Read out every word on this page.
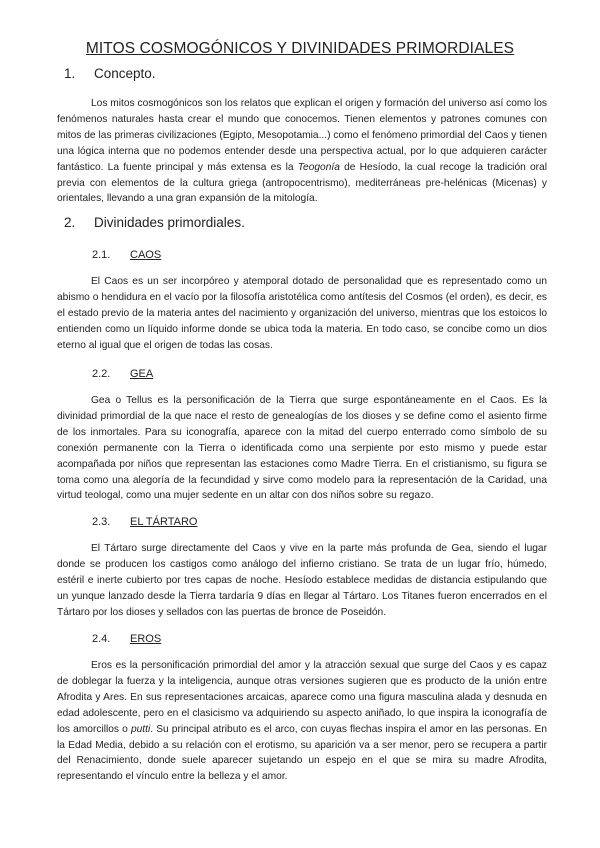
MITOS COSMOGÓNICOS Y DIVINIDADES PRIMORDIALES
1. Concepto.

Los mitos cosmogónicos son los relatos que explican el origen y formación del universo así como los fenómenos naturales hasta crear el mundo que conocemos. Tienen elementos y patrones comunes con mitos de las primeras civilizaciones (Egipto, Mesopotamia...) como el fenómeno primordial del Caos y tienen una lógica interna que no podemos entender desde una perspectiva actual, por lo que adquieren carácter fantástico. La fuente principal y más extensa es la Teogonía de Hesíodo, la cual recoge la tradición oral previa con elementos de la cultura griega (antropocentrismo), mediterráneas pre-helénicas (Micenas) y orientales, llevando a una gran expansión de la mitología.

2. Divinidades primordiales.
2.1. CAOS

El Caos es un ser incorpóreo y atemporal dotado de personalidad que es representado como un abismo o hendidura en el vacío por la filosofía aristotélica como antítesis del Cosmos (el orden), es decir, es el estado previo de la materia antes del nacimiento y organización del universo, mientras que los estoicos lo entienden como un líquido informe donde se ubica toda la materia. En todo caso, se concibe como un dios eterno al igual que el origen de todas las cosas.

2.2. GEA

Gea o Tellus es la personificación de la Tierra que surge espontáneamente en el Caos. Es la divinidad primordial de la que nace el resto de genealogías de los dioses y se define como el asiento firme de los inmortales. Para su iconografía, aparece con la mitad del cuerpo enterrado como símbolo de su conexión permanente con la Tierra o identificada como una serpiente por esto mismo y puede estar acompañada por niños que representan las estaciones como Madre Tierra. En el cristianismo, su figura se toma como una alegoría de la fecundidad y sirve como modelo para la representación de la Caridad, una virtud teologal, como una mujer sedente en un altar con dos niños sobre su regazo.

2.3. EL TÁRTARO

El Tártaro surge directamente del Caos y vive en la parte más profunda de Gea, siendo el lugar donde se producen los castigos como análogo del infierno cristiano. Se trata de un lugar frío, húmedo, estéril e inerte cubierto por tres capas de noche. Hesíodo establece medidas de distancia estipulando que un yunque lanzado desde la Tierra tardaría 9 días en llegar al Tártaro. Los Titanes fueron encerrados en el Tártaro por los dioses y sellados con las puertas de bronce de Poseidón.

2.4. EROS

Eros es la personificación primordial del amor y la atracción sexual que surge del Caos y es capaz de doblegar la fuerza y la inteligencia, aunque otras versiones sugieren que es producto de la unión entre Afrodita y Ares. En sus representaciones arcaicas, aparece como una figura masculina alada y desnuda en edad adolescente, pero en el clasicismo va adquiriendo su aspecto aniñado, lo que inspira la iconografía de los amorcillos o putti. Su principal atributo es el arco, con cuyas flechas inspira el amor en las personas. En la Edad Media, debido a su relación con el erotismo, su aparición va a ser menor, pero se recupera a partir del Renacimiento, donde suele aparecer sujetando un espejo en el que se mira su madre Afrodita, representando el vínculo entre la belleza y el amor.
